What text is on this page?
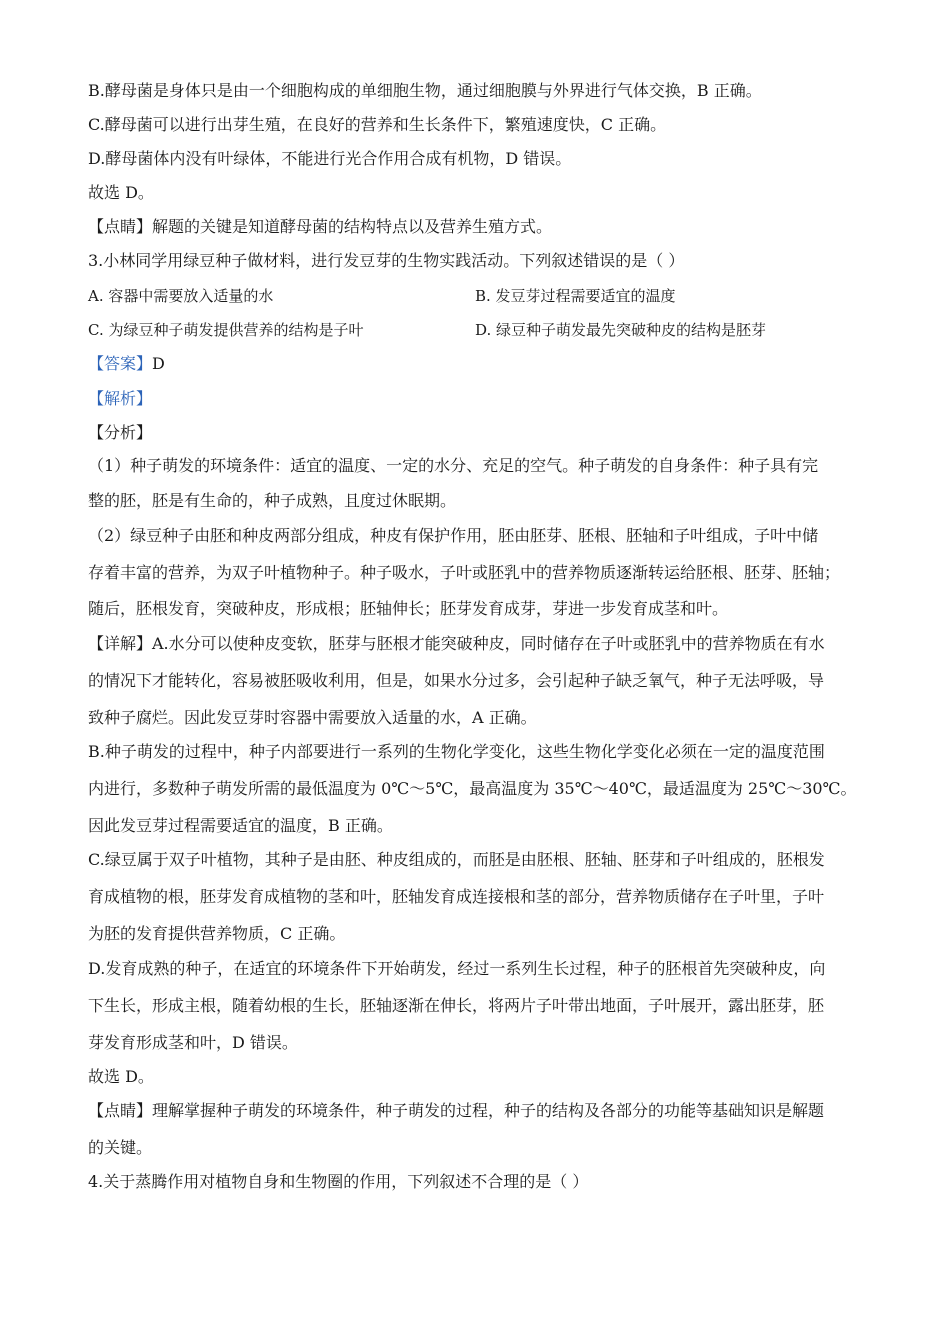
B.酵母菌是身体只是由一个细胞构成的单细胞生物，通过细胞膜与外界进行气体交换，B 正确。
C.酵母菌可以进行出芽生殖，在良好的营养和生长条件下，繁殖速度快，C 正确。
D.酵母菌体内没有叶绿体，不能进行光合作用合成有机物，D 错误。
故选 D。
【点睛】解题的关键是知道酵母菌的结构特点以及营养生殖方式。
3.小林同学用绿豆种子做材料，进行发豆芽的生物实践活动。下列叙述错误的是（ ）
A. 容器中需要放入适量的水	B. 发豆芽过程需要适宜的温度
C. 为绿豆种子萌发提供营养的结构是子叶	D. 绿豆种子萌发最先突破种皮的结构是胚芽
【答案】D
【解析】
【分析】
（1）种子萌发的环境条件：适宜的温度、一定的水分、充足的空气。种子萌发的自身条件：种子具有完
整的胚，胚是有生命的，种子成熟，且度过休眠期。
（2）绿豆种子由胚和种皮两部分组成，种皮有保护作用，胚由胚芽、胚根、胚轴和子叶组成，子叶中储
存着丰富的营养，为双子叶植物种子。种子吸水，子叶或胚乳中的营养物质逐渐转运给胚根、胚芽、胚轴；
随后，胚根发育，突破种皮，形成根；胚轴伸长；胚芽发育成芽，芽进一步发育成茎和叶。
【详解】A.水分可以使种皮变软，胚芽与胚根才能突破种皮，同时储存在子叶或胚乳中的营养物质在有水
的情况下才能转化，容易被胚吸收利用，但是，如果水分过多，会引起种子缺乏氧气，种子无法呼吸，导
致种子腐烂。因此发豆芽时容器中需要放入适量的水，A 正确。
B.种子萌发的过程中，种子内部要进行一系列的生物化学变化，这些生物化学变化必须在一定的温度范围
内进行，多数种子萌发所需的最低温度为 0℃～5℃，最高温度为 35℃～40℃，最适温度为 25℃～30℃。
因此发豆芽过程需要适宜的温度，B 正确。
C.绿豆属于双子叶植物，其种子是由胚、种皮组成的，而胚是由胚根、胚轴、胚芽和子叶组成的，胚根发
育成植物的根，胚芽发育成植物的茎和叶，胚轴发育成连接根和茎的部分，营养物质储存在子叶里，子叶
为胚的发育提供营养物质，C 正确。
D.发育成熟的种子，在适宜的环境条件下开始萌发，经过一系列生长过程，种子的胚根首先突破种皮，向
下生长，形成主根，随着幼根的生长，胚轴逐渐在伸长，将两片子叶带出地面，子叶展开，露出胚芽，胚
芽发育形成茎和叶，D 错误。
故选 D。
【点睛】理解掌握种子萌发的环境条件，种子萌发的过程，种子的结构及各部分的功能等基础知识是解题
的关键。
4.关于蒸腾作用对植物自身和生物圈的作用，下列叙述不合理的是（ ）
